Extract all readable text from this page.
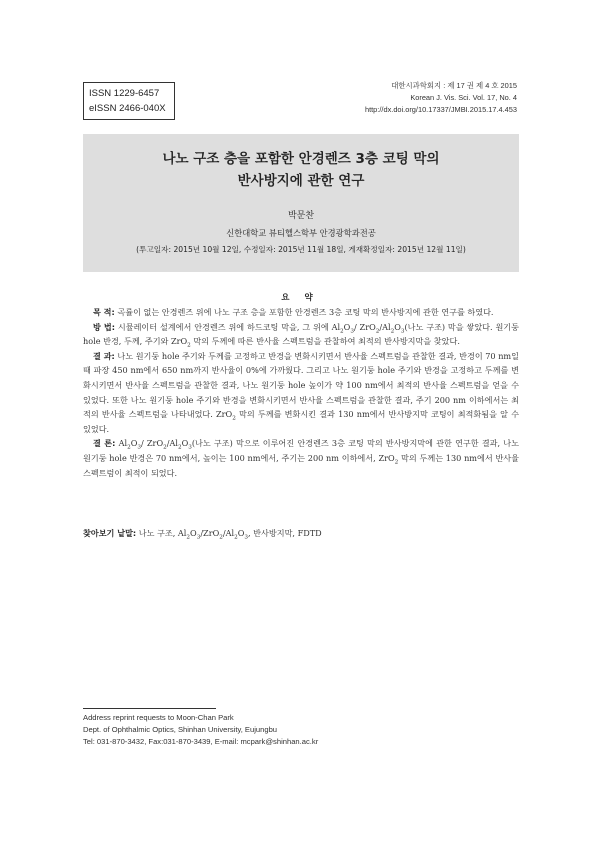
ISSN 1229-6457
eISSN 2466-040X
대한시과학회지 : 제 17 권 제 4 호 2015
Korean J. Vis. Sci. Vol. 17, No. 4
http://dx.doi.org/10.17337/JMBI.2015.17.4.453
나노 구조 층을 포함한 안경렌즈 3층 코팅 막의
반사방지에 관한 연구
박문찬
신한대학교 뷰티헬스학부 안경광학과전공
(투고일자: 2015년 10월 12일, 수정일자: 2015년 11월 18일, 게재확정일자: 2015년 12월 11일)
요 약

목 적: 곡률이 없는 안경렌즈 위에 나노 구조 층을 포함한 안경렌즈 3층 코팅 막의 반사방지에 관한 연구를 하였다.

방 법: 시뮬레이터 설계에서 안경렌즈 위에 하드코팅 막을, 그 위에 $Al_2O_3/$ $ZrO_2/Al_2O_3$(나노 구조) 막을 쌓았다. 원기둥 hole 반경, 두께, 주기와 ZrO$_2$ 막의 두께에 따른 반사율 스펙트럼을 관찰하여 최적의 반사방지막을 찾았다.

결 과: 나노 원기둥 hole 주기와 두께를 고정하고 반경을 변화시키면서 반사율 스펙트럼을 관찰한 결과, 반경이 70 nm일 때 파장 450 nm에서 650 nm까지 반사율이 0%에 가까웠다. 그리고 나노 원기둥 hole 주기와 반경을 고정하고 두께를 변화시키면서 반사율 스펙트럼을 관찰한 결과, 나노 원기둥 hole 높이가 약 100 nm에서 최적의 반사율 스펙트럼을 얻을 수 있었다. 또한 나노 원기둥 hole 주기와 반경을 변화시키면서 반사율 스펙트럼을 관찰한 결과, 주기 200 nm 이하에서는 최적의 반사율 스펙트럼을 나타내었다. ZrO$_2$ 막의 두께를 변화시킨 결과 130 nm에서 반사방지막 코팅이 최적화됨을 알 수 있었다.

결 론: $Al_2O_3/$ $ZrO_2/Al_2O_3$(나노 구조) 막으로 이루어진 안경렌즈 3층 코팅 막의 반사방지막에 관한 연구한 결과, 나노 원기둥 hole 반경은 70 nm에서, 높이는 100 nm에서, 주기는 200 nm 이하에서, ZrO$_2$ 막의 두께는 130 nm에서 반사율 스펙트럼이 최적이 되었다.

찾아보기 낱말: 나노 구조, $Al_2O_3/ZrO_2/Al_2O_3$, 반사방지막, FDTD
Address reprint requests to Moon-Chan Park
Dept. of Ophthalmic Optics, Shinhan University, Eujungbu
Tel: 031-870-3432, Fax:031-870-3439, E-mail: mcpark@shinhan.ac.kr
